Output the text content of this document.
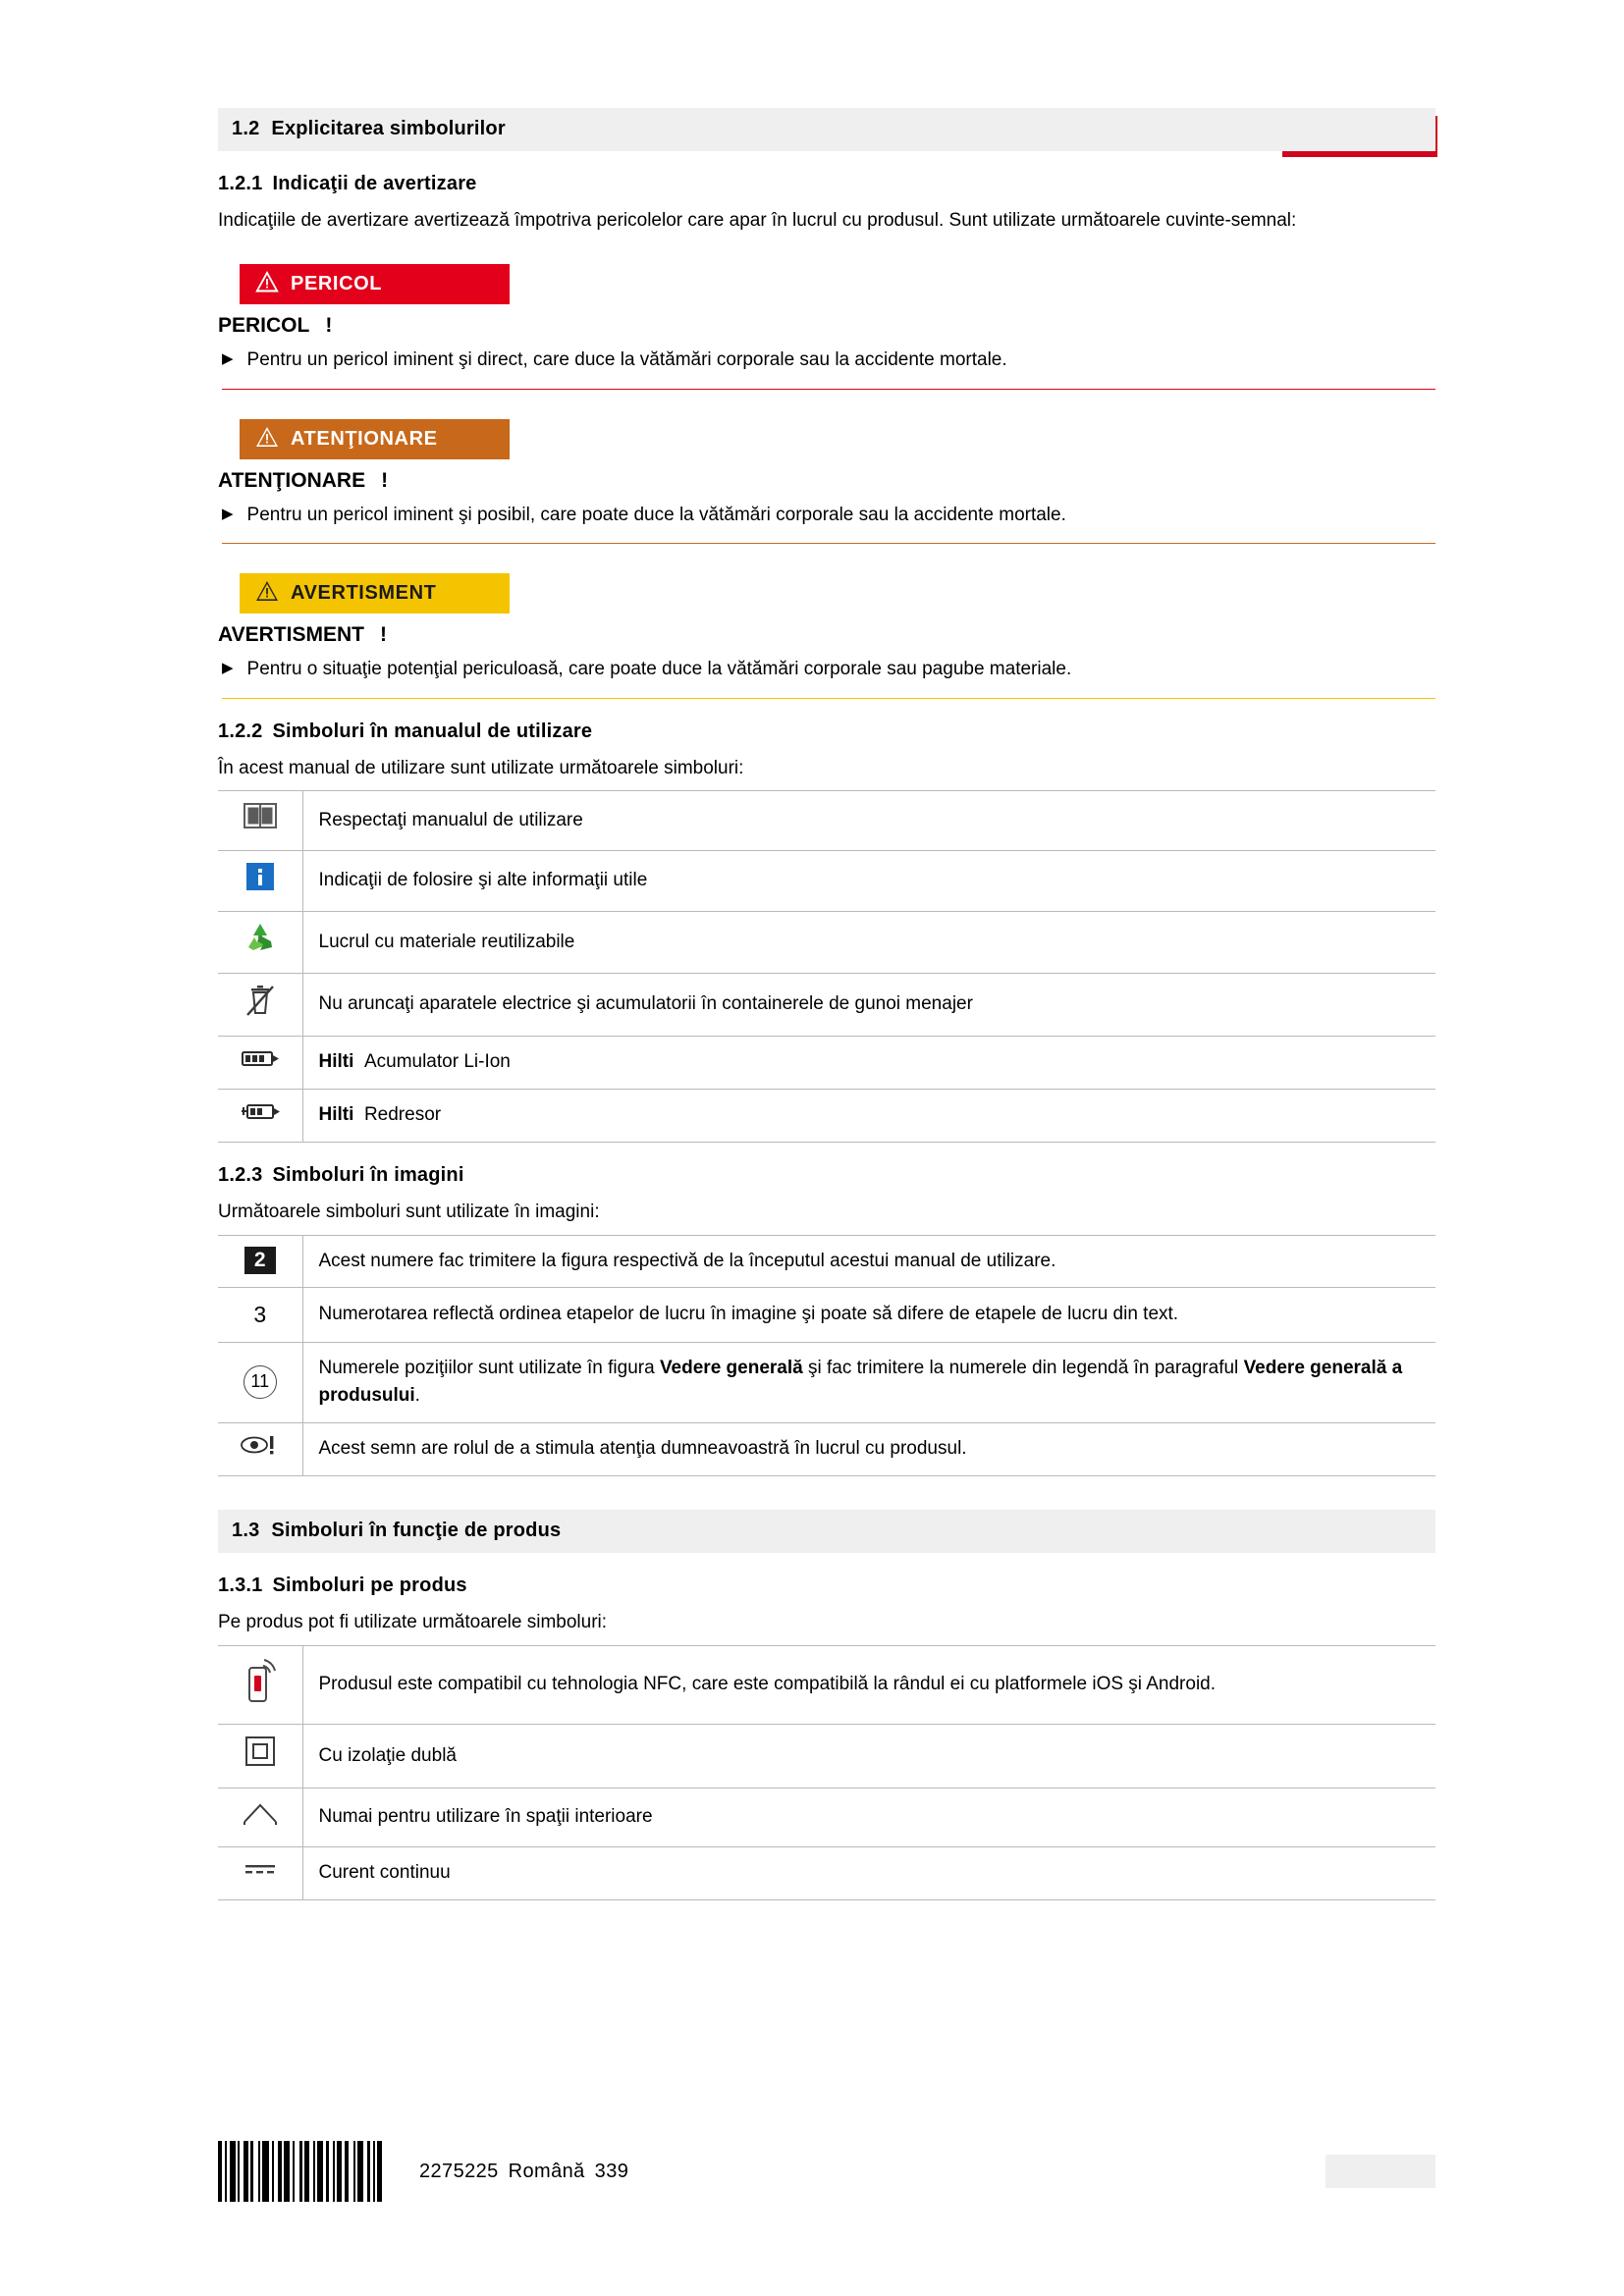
1.2 Explicitarea simbolurilor
1.2.1 Indicaţii de avertizare

Indicaţiile de avertizare avertizează împotriva pericolelor care apar în lucrul cu produsul. Sunt utilizate următoarele cuvinte-semnal:

PERICOL
PERICOL !
▶ Pentru un pericol iminent şi direct, care duce la vătămări corporale sau la accidente mortale.
ATENŢIONARE
ATENŢIONARE !
▶ Pentru un pericol iminent şi posibil, care poate duce la vătămări corporale sau la accidente mortale.
AVERTISMENT
AVERTISMENT !
▶ Pentru o situaţie potenţial periculoasă, care poate duce la vătămări corporale sau pagube materiale.
1.2.2 Simboluri în manualul de utilizare

În acest manual de utilizare sunt utilizate următoarele simboluri:

	Respectaţi manualul de utilizare
	Indicaţii de folosire şi alte informaţii utile
	Lucrul cu materiale reutilizabile
	Nu aruncaţi aparatele electrice şi acumulatorii în containerele de gunoi menajer
	Hilti Acumulator Li-Ion
	Hilti Redresor
1.2.3 Simboluri în imagini

Următoarele simboluri sunt utilizate în imagini:

2	Acest numere fac trimitere la figura respectivă de la începutul acestui manual de utilizare.
3	Numerotarea reflectă ordinea etapelor de lucru în imagine şi poate să difere de etapele de lucru din text.
11	Numerele poziţiilor sunt utilizate în figura Vedere generală şi fac trimitere la numerele din legendă în paragraful Vedere generală a produsului.
	Acest semn are rolul de a stimula atenţia dumneavoastră în lucrul cu produsul.
1.3 Simboluri în funcţie de produs
1.3.1 Simboluri pe produs

Pe produs pot fi utilizate următoarele simboluri:

	Produsul este compatibil cu tehnologia NFC, care este compatibilă la rândul ei cu platformele iOS şi Android.
	Cu izolaţie dublă
	Numai pentru utilizare în spaţii interioare
	Curent continuu
2275225 Română 339
